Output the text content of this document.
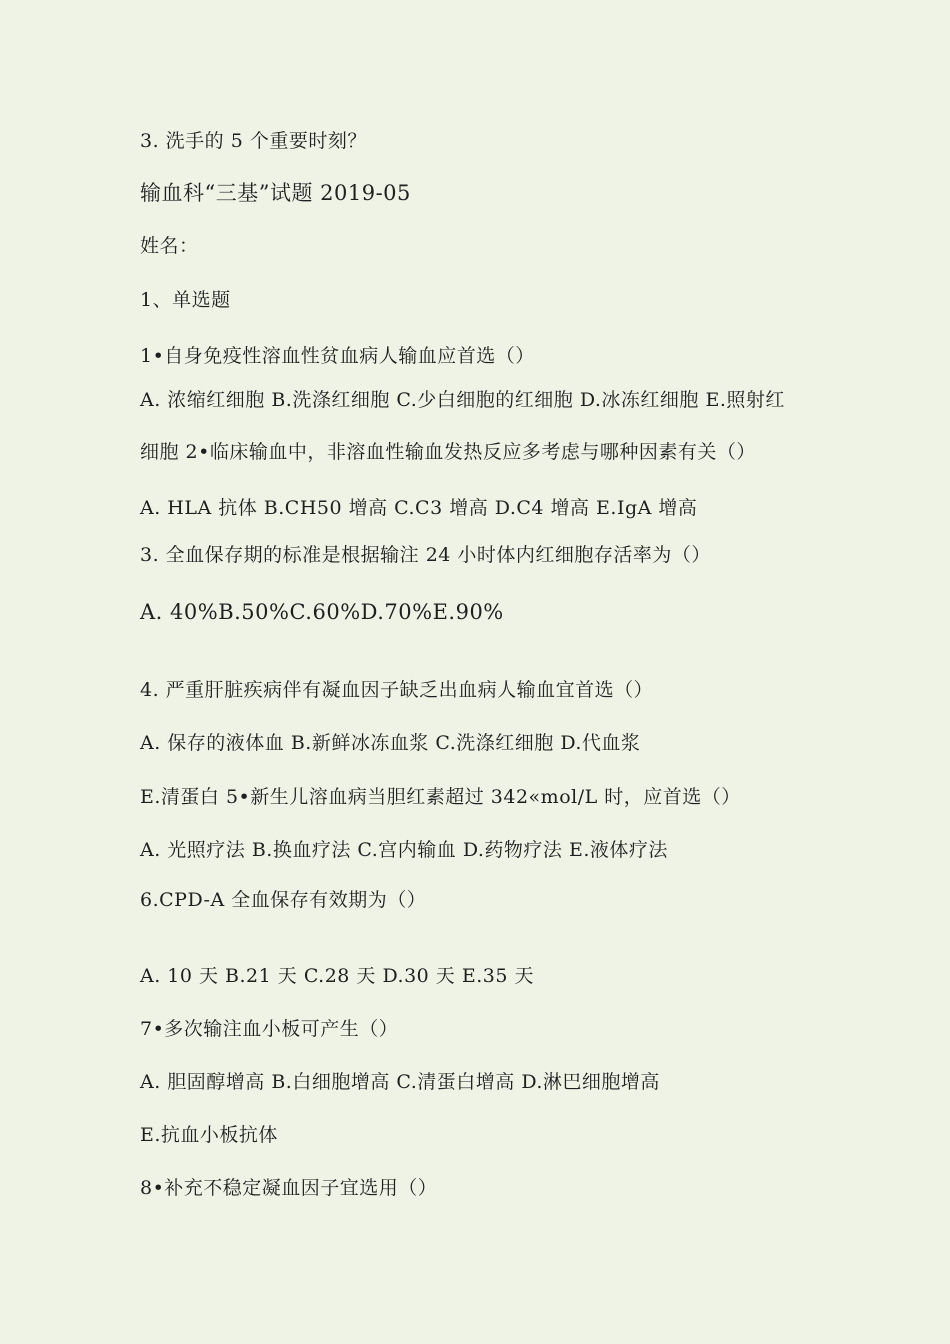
3. 洗手的 5 个重要时刻？

输血科“三基”试题 2019-05

姓名：

1、单选题

1•自身免疫性溶血性贫血病人输血应首选（）

A. 浓缩红细胞 B.洗涤红细胞 C.少白细胞的红细胞 D.冰冻红细胞 E.照射红

细胞 2•临床输血中，非溶血性输血发热反应多考虑与哪种因素有关（）

A. HLA 抗体 B.CH50 增高 C.C3 增高 D.C4 增高 E.IgA 增高

3. 全血保存期的标准是根据输注 24 小时体内红细胞存活率为（）

A. 40%B.50%C.60%D.70%E.90%

4. 严重肝脏疾病伴有凝血因子缺乏出血病人输血宜首选（）

A. 保存的液体血 B.新鲜冰冻血浆 C.洗涤红细胞 D.代血浆

E.清蛋白 5•新生儿溶血病当胆红素超过 342«mol/L 时，应首选（）

A. 光照疗法 B.换血疗法 C.宫内输血 D.药物疗法 E.液体疗法

6.CPD-A 全血保存有效期为（）

A. 10 天 B.21 天 C.28 天 D.30 天 E.35 天

7•多次输注血小板可产生（）

A. 胆固醇增高 B.白细胞增高 C.清蛋白增高 D.淋巴细胞增高

E.抗血小板抗体

8•补充不稳定凝血因子宜选用（）
